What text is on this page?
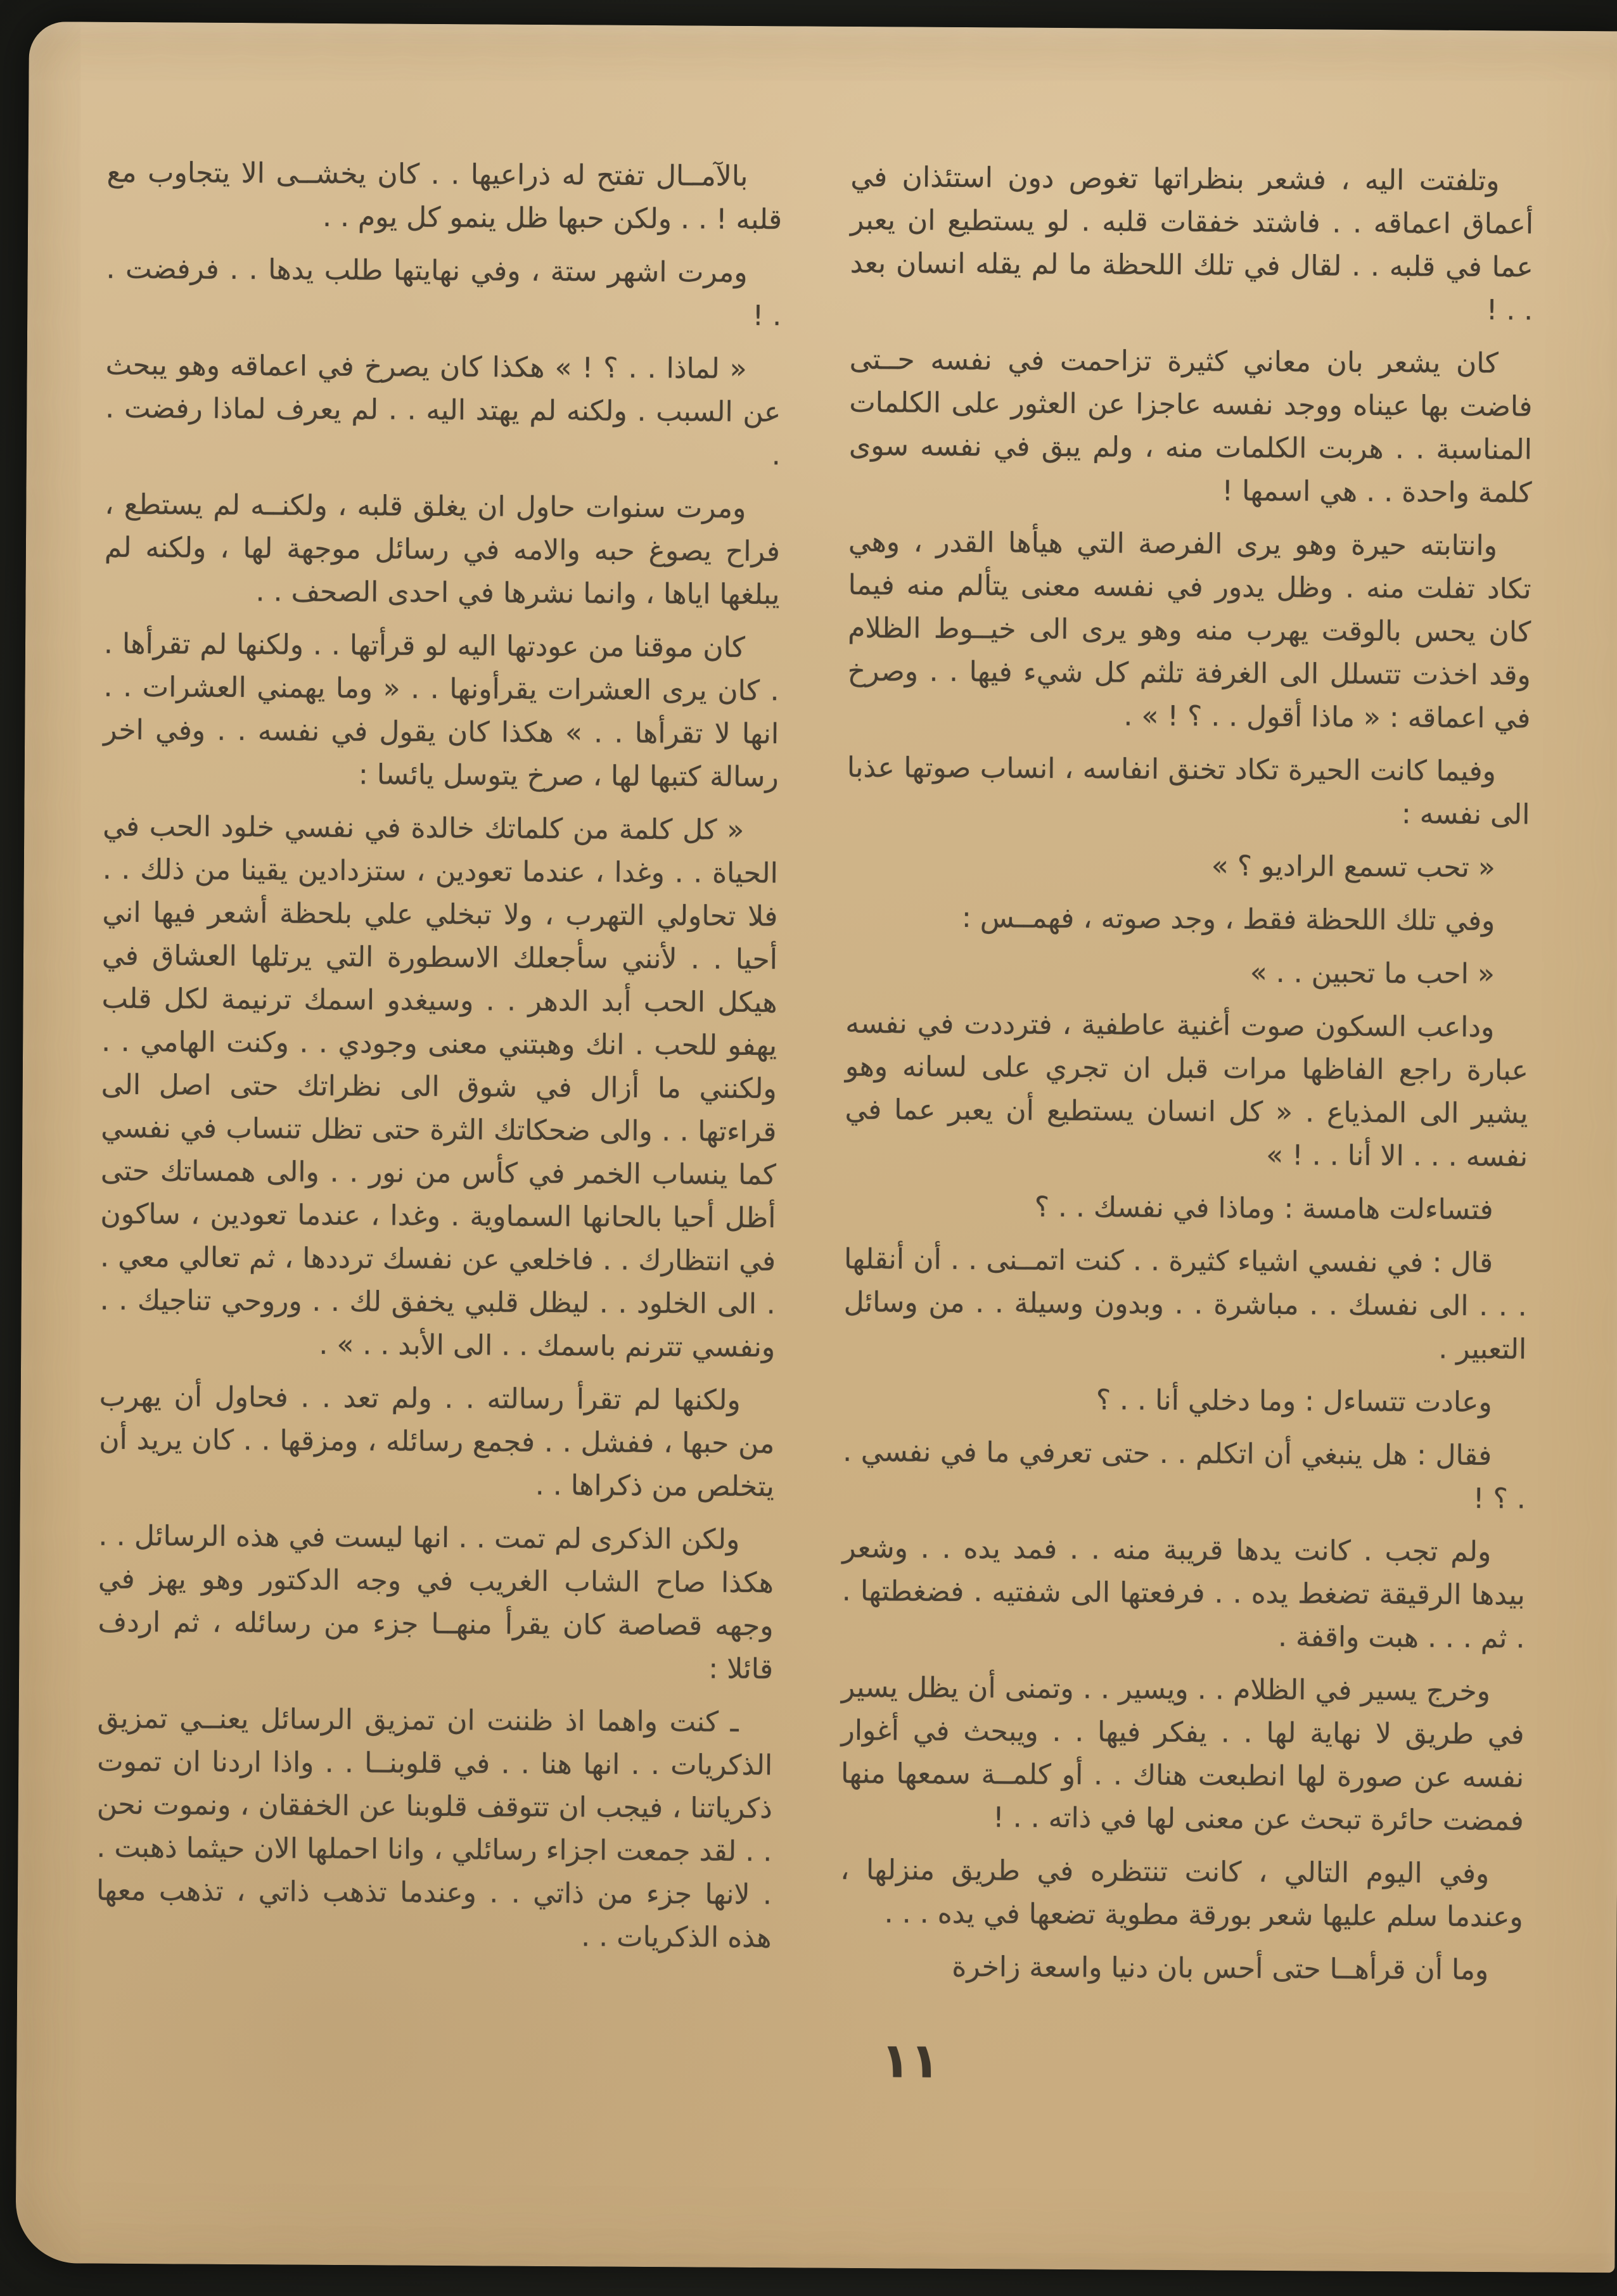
وتلفتت اليه ، فشعر بنظراتها تغوص دون استئذان في أعماق اعماقه . . فاشتد خفقات قلبه . لو يستطيع ان يعبر عما في قلبه . . لقال في تلك اللحظة ما لم يقله انسان بعد . . !

كان يشعر بان معاني كثيرة تزاحمت في نفسه حــتى فاضت بها عيناه ووجد نفسه عاجزا عن العثور على الكلمات المناسبة . . هربت الكلمات منه ، ولم يبق في نفسه سوى كلمة واحدة . . هي اسمها !

وانتابته حيرة وهو يرى الفرصة التي هيأها القدر ، وهي تكاد تفلت منه . وظل يدور في نفسه معنى يتألم منه فيما كان يحس بالوقت يهرب منه وهو يرى الى خيــوط الظلام وقد اخذت تتسلل الى الغرفة تلثم كل شيء فيها . . وصرخ في اعماقه : « ماذا أقول . . ؟ ! » .

وفيما كانت الحيرة تكاد تخنق انفاسه ، انساب صوتها عذبا الى نفسه :

« تحب تسمع الراديو ؟ »

وفي تلك اللحظة فقط ، وجد صوته ، فهمــس :

« احب ما تحبين . . »

وداعب السكون صوت أغنية عاطفية ، فترددت في نفسه عبارة راجع الفاظها مرات قبل ان تجري على لسانه وهو يشير الى المذياع . « كل انسان يستطيع أن يعبر عما في نفسه . . . الا أنا . . ! »

فتساءلت هامسة : وماذا في نفسك . . ؟

قال : في نفسي اشياء كثيرة . . كنت اتمــنى . . أن أنقلها . . . الى نفسك . . مباشرة . . وبدون وسيلة . . من وسائل التعبير .

وعادت تتساءل : وما دخلي أنا . . ؟

فقال : هل ينبغي أن اتكلم . . حتى تعرفي ما في نفسي . . ؟ !

ولم تجب . كانت يدها قريبة منه . . فمد يده . . وشعر بيدها الرقيقة تضغط يده . . فرفعتها الى شفتيه . فضغطتها . . ثم . . . هبت واقفة .

وخرج يسير في الظلام . . ويسير . . وتمنى أن يظل يسير في طريق لا نهاية لها . . يفكر فيها . . ويبحث في أغوار نفسه عن صورة لها انطبعت هناك . . أو كلمــة سمعها منها فمضت حائرة تبحث عن معنى لها في ذاته . . !

وفي اليوم التالي ، كانت تنتظره في طريق منزلها ، وعندما سلم عليها شعر بورقة مطوية تضعها في يده . . .

وما أن قرأهــا حتى أحس بان دنيا واسعة زاخرة

بالآمــال تفتح له ذراعيها . . كان يخشــى الا يتجاوب مع قلبه ! . . ولكن حبها ظل ينمو كل يوم . .

ومرت اشهر ستة ، وفي نهايتها طلب يدها . . فرفضت . . !

« لماذا . . ؟ ! » هكذا كان يصرخ في اعماقه وهو يبحث عن السبب . ولكنه لم يهتد اليه . . لم يعرف لماذا رفضت . .

ومرت سنوات حاول ان يغلق قلبه ، ولكنــه لم يستطع ، فراح يصوغ حبه والامه في رسائل موجهة لها ، ولكنه لم يبلغها اياها ، وانما نشرها في احدى الصحف . .

كان موقنا من عودتها اليه لو قرأتها . . ولكنها لم تقرأها . . كان يرى العشرات يقرأونها . . « وما يهمني العشرات . . انها لا تقرأها . . » هكذا كان يقول في نفسه . . وفي اخر رسالة كتبها لها ، صرخ يتوسل يائسا :

« كل كلمة من كلماتك خالدة في نفسي خلود الحب في الحياة . . وغدا ، عندما تعودين ، ستزدادين يقينا من ذلك . . فلا تحاولي التهرب ، ولا تبخلي علي بلحظة أشعر فيها اني أحيا . . لأنني سأجعلك الاسطورة التي يرتلها العشاق في هيكل الحب أبد الدهر . . وسيغدو اسمك ترنيمة لكل قلب يهفو للحب . انك وهبتني معنى وجودي . . وكنت الهامي . . ولكنني ما أزال في شوق الى نظراتك حتى اصل الى قراءتها . . والى ضحكاتك الثرة حتى تظل تنساب في نفسي كما ينساب الخمر في كأس من نور . . والى همساتك حتى أظل أحيا بالحانها السماوية . وغدا ، عندما تعودين ، ساكون في انتظارك . . فاخلعي عن نفسك ترددها ، ثم تعالي معي . . الى الخلود . . ليظل قلبي يخفق لك . . وروحي تناجيك . . ونفسي تترنم باسمك . . الى الأبد . . » .

ولكنها لم تقرأ رسالته . . ولم تعد . . فحاول أن يهرب من حبها ، ففشل . . فجمع رسائله ، ومزقها . . كان يريد أن يتخلص من ذكراها . .

ولكن الذكرى لم تمت . . انها ليست في هذه الرسائل . . هكذا صاح الشاب الغريب في وجه الدكتور وهو يهز في وجهه قصاصة كان يقرأ منهــا جزء من رسائله ، ثم اردف قائلا :

ـ كنت واهما اذ ظننت ان تمزيق الرسائل يعنــي تمزيق الذكريات . . انها هنا . . في قلوبنــا . . واذا اردنا ان تموت ذكرياتنا ، فيجب ان تتوقف قلوبنا عن الخفقان ، ونموت نحن . . لقد جمعت اجزاء رسائلي ، وانا احملها الان حيثما ذهبت . . لانها جزء من ذاتي . . وعندما تذهب ذاتي ، تذهب معها هذه الذكريات . .

١١
